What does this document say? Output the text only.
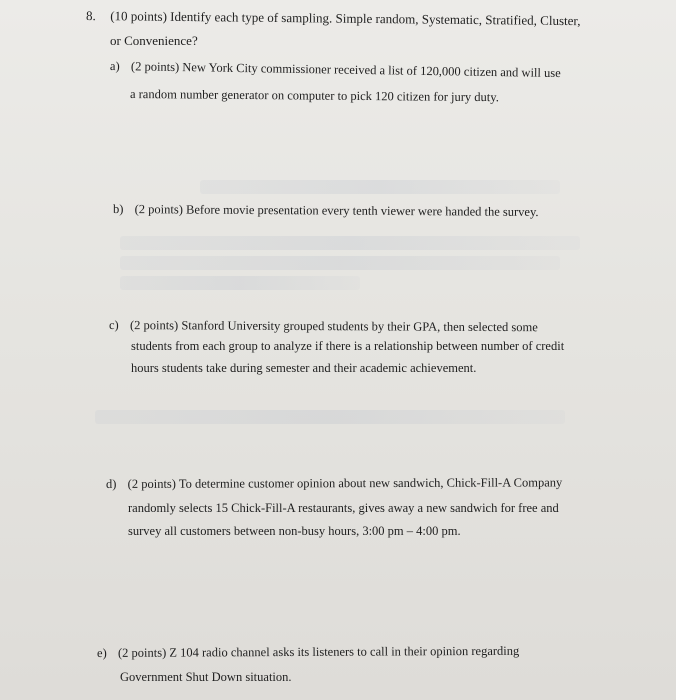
8. (10 points) Identify each type of sampling. Simple random, Systematic, Stratified, Cluster,
or Convenience?
a) (2 points) New York City commissioner received a list of 120,000 citizen and will use
a random number generator on computer to pick 120 citizen for jury duty.
b) (2 points) Before movie presentation every tenth viewer were handed the survey.
c) (2 points) Stanford University grouped students by their GPA, then selected some
students from each group to analyze if there is a relationship between number of credit
hours students take during semester and their academic achievement.
d) (2 points) To determine customer opinion about new sandwich, Chick-Fill-A Company
randomly selects 15 Chick-Fill-A restaurants, gives away a new sandwich for free and
survey all customers between non-busy hours, 3:00 pm – 4:00 pm.
e) (2 points) Z 104 radio channel asks its listeners to call in their opinion regarding
Government Shut Down situation.
